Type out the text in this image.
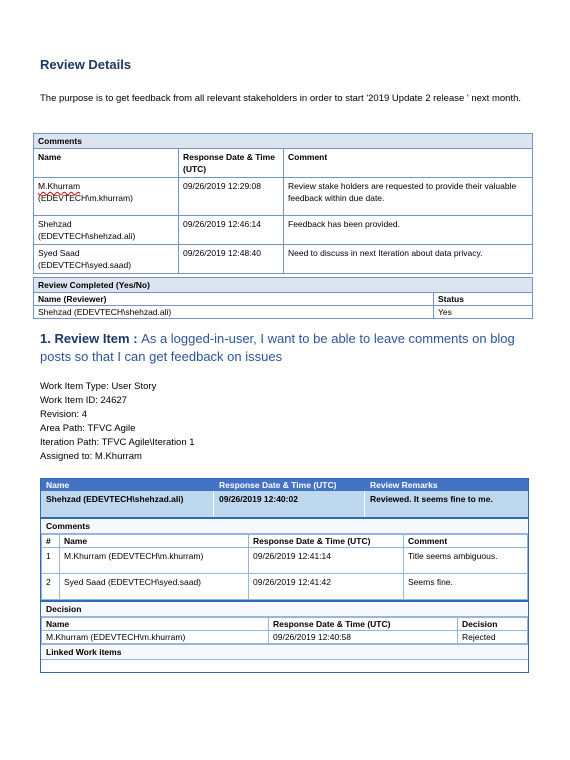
Review Details
The purpose is to get feedback from all relevant stakeholders in order to start '2019 Update 2 release ' next month.
Comments		
Name	Response Date & Time (UTC)	Comment
M.Khurram
(EDEVTECH\m.khurram)	09/26/2019 12:29:08	Review stake holders are requested to provide their valuable feedback within due date.
Shehzad
(EDEVTECH\shehzad.ali)	09/26/2019 12:46:14	Feedback has been provided.
Syed Saad
(EDEVTECH\syed.saad)	09/26/2019 12:48:40	Need to discuss in next Iteration about data privacy.
Review Completed (Yes/No)	
Name (Reviewer)	Status
Shehzad (EDEVTECH\shehzad.ali)	Yes
1. Review Item : As a logged-in-user, I want to be able to leave comments on blog posts so that I can get feedback on issues
Work Item Type: User Story
Work Item ID: 24627
Revision: 4
Area Path: TFVC Agile
Iteration Path: TFVC Agile\Iteration 1
Assigned to: M.Khurram
Name	Response Date & Time (UTC)	Review Remarks
Shehzad (EDEVTECH\shehzad.ali)	09/26/2019 12:40:02	Reviewed. It seems fine to me.
Comments
#	Name	Response Date & Time (UTC)	Comment
1	M.Khurram (EDEVTECH\m.khurram)	09/26/2019 12:41:14	Title seems ambiguous.
2	Syed Saad (EDEVTECH\syed.saad)	09/26/2019 12:41:42	Seems fine.
Decision
Name	Response Date & Time (UTC)	Decision
M.Khurram (EDEVTECH\m.khurram)	09/26/2019 12:40:58	Rejected
Linked Work items
